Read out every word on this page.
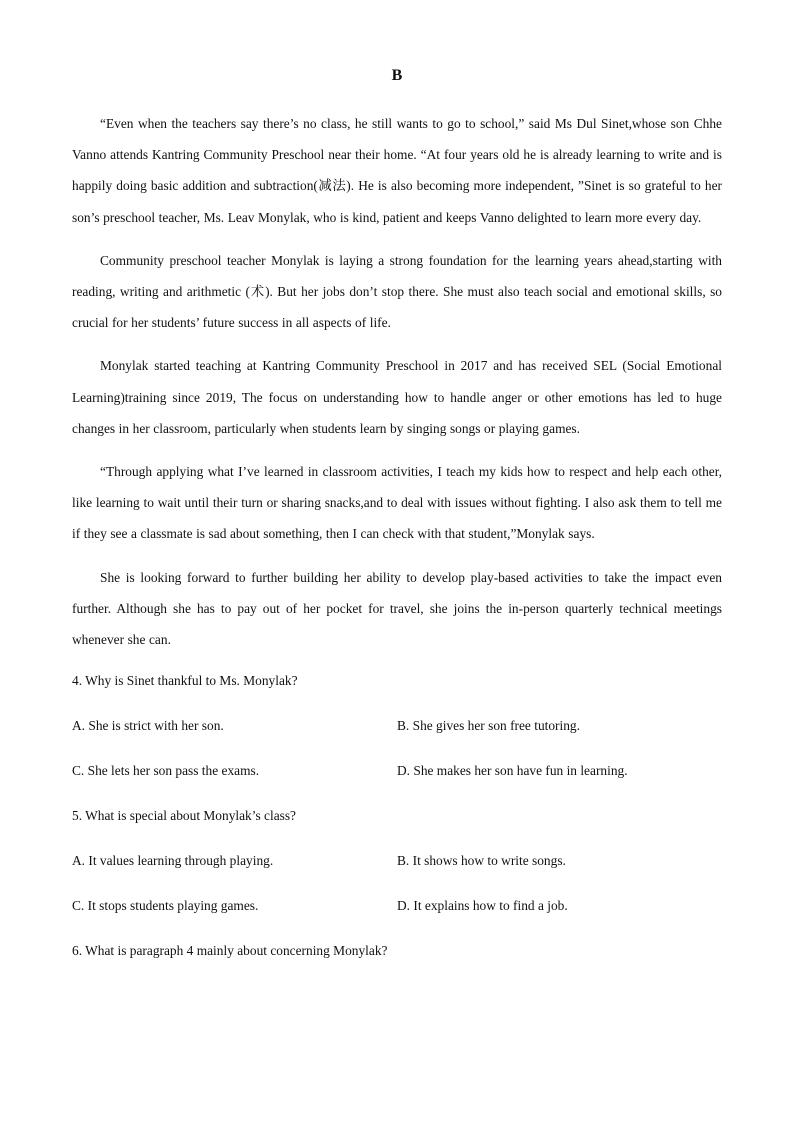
B

“Even when the teachers say there’s no class, he still wants to go to school,” said Ms Dul Sinet,whose son Chhe Vanno attends Kantring Community Preschool near their home. “At four years old he is already learning to write and is happily doing basic addition and subtraction(减法). He is also becoming more independent, ”Sinet is so grateful to her son’s preschool teacher, Ms. Leav Monylak, who is kind, patient and keeps Vanno delighted to learn more every day.

Community preschool teacher Monylak is laying a strong foundation for the learning years ahead,starting with reading, writing and arithmetic (术). But her jobs don’t stop there. She must also teach social and emotional skills, so crucial for her students’ future success in all aspects of life.

Monylak started teaching at Kantring Community Preschool in 2017 and has received SEL (Social Emotional Learning)training since 2019, The focus on understanding how to handle anger or other emotions has led to huge changes in her classroom, particularly when students learn by singing songs or playing games.

“Through applying what I’ve learned in classroom activities, I teach my kids how to respect and help each other, like learning to wait until their turn or sharing snacks,and to deal with issues without fighting. I also ask them to tell me if they see a classmate is sad about something, then I can check with that student,”Monylak says.

She is looking forward to further building her ability to develop play-based activities to take the impact even further. Although she has to pay out of her pocket for travel, she joins the in-person quarterly technical meetings whenever she can.

4. Why is Sinet thankful to Ms. Monylak?
A. She is strict with her son.	B. She gives her son free tutoring.
C. She lets her son pass the exams.	D. She makes her son have fun in learning.
5. What is special about Monylak’s class?
A. It values learning through playing.	B. It shows how to write songs.
C. It stops students playing games.	D. It explains how to find a job.
6. What is paragraph 4 mainly about concerning Monylak?
